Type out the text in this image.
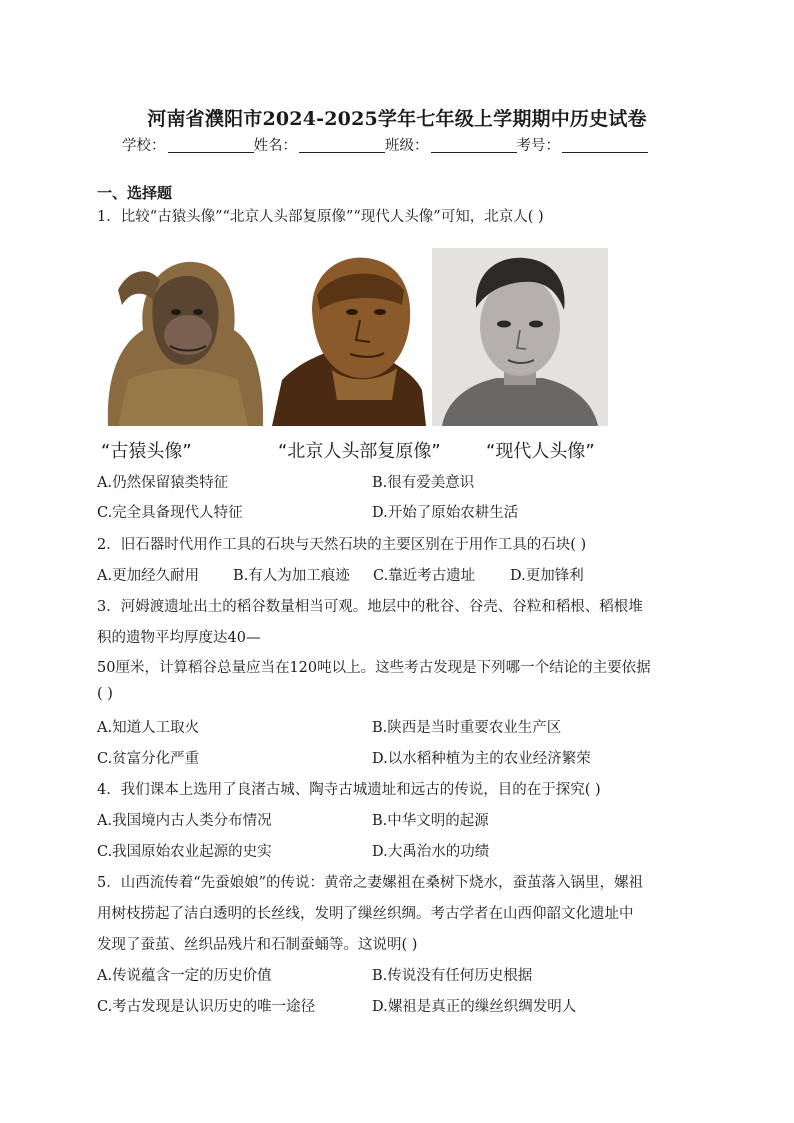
河南省濮阳市2024-2025学年七年级上学期期中历史试卷
学校：	姓名：	班级：	考号：
一、选择题
1．比较“古猿头像”“北京人头部复原像”“现代人头像”可知，北京人( )
“古猿头像”	“北京人头部复原像”	“现代人头像”
A.仍然保留猿类特征	B.很有爱美意识
C.完全具备现代人特征	D.开始了原始农耕生活
2．旧石器时代用作工具的石块与天然石块的主要区别在于用作工具的石块( )
A.更加经久耐用 B.有人为加工痕迹 C.靠近考古遗址 D.更加锋利
3．河姆渡遗址出土的稻谷数量相当可观。地层中的秕谷、谷壳、谷粒和稻根、稻根堆
积的遗物平均厚度达40—
50厘米，计算稻谷总量应当在120吨以上。这些考古发现是下列哪一个结论的主要依据
( )
A.知道人工取火	B.陕西是当时重要农业生产区
C.贫富分化严重	D.以水稻种植为主的农业经济繁荣
4．我们课本上选用了良渚古城、陶寺古城遗址和远古的传说，目的在于探究( )
A.我国境内古人类分布情况	B.中华文明的起源
C.我国原始农业起源的史实	D.大禹治水的功绩
5．山西流传着“先蚕娘娘”的传说：黄帝之妻嫘祖在桑树下烧水，蚕茧落入锅里，嫘祖
用树枝捞起了洁白透明的长丝线，发明了缫丝织绸。考古学者在山西仰韶文化遗址中
发现了蚕茧、丝织品残片和石制蚕蛹等。这说明( )
A.传说蕴含一定的历史价值	B.传说没有任何历史根据
C.考古发现是认识历史的唯一途径	D.嫘祖是真正的缫丝织绸发明人
